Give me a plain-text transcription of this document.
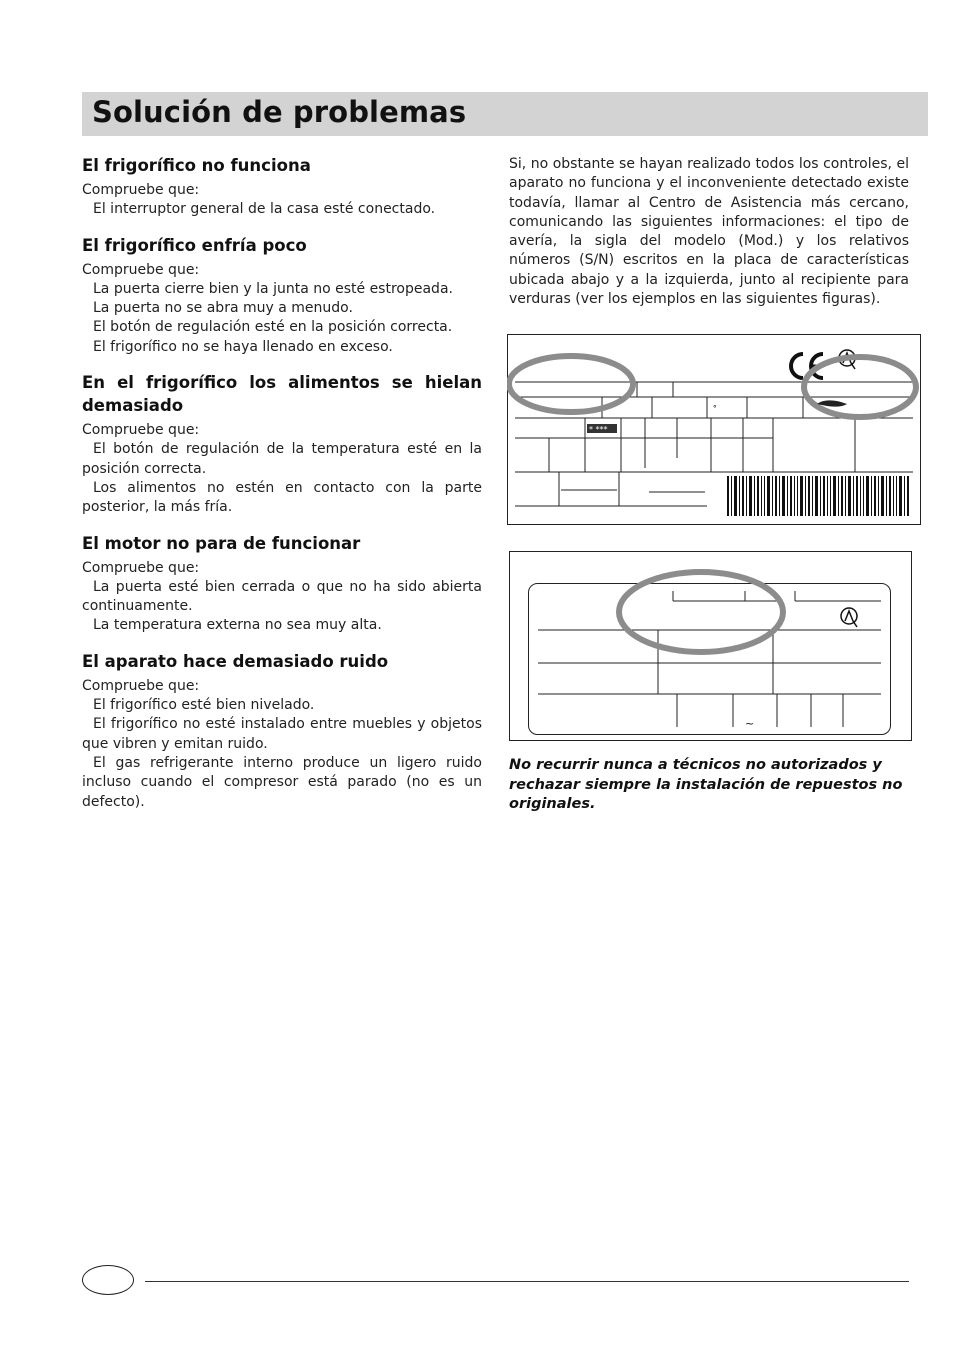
Solución de problemas
El frigorífico no funciona
Compruebe que:
El interruptor general de la casa esté conectado.
El frigorífico enfría poco
Compruebe que:
La puerta cierre bien y la junta no esté estropeada.
La puerta no se abra muy a menudo.
El botón de regulación esté en la posición correcta.
El frigorífico no se haya llenado en exceso.
En el frigorífico los alimentos se hielan demasiado
Compruebe que:
El botón de regulación de la temperatura esté en la posición correcta.
Los alimentos no estén en contacto con la parte posterior, la más fría.
El motor no para de funcionar
Compruebe que:
La puerta esté bien cerrada o que no ha sido abierta continuamente.
La temperatura externa no sea muy alta.
El aparato hace demasiado ruido
Compruebe que:
El frigorífico esté bien nivelado.
El frigorífico no esté instalado entre muebles y objetos que vibren y emitan ruido.
El gas refrigerante interno produce un ligero ruido incluso cuando el compresor está parado (no es un defecto).
Si, no obstante se hayan realizado todos los controles, el aparato no funciona y el inconveniente detectado existe todavía, llamar al Centro de Asistencia más cercano, comunicando las siguientes informaciones: el tipo de avería, la sigla del modelo (Mod.) y los relativos números (S/N) escritos en la placa de características ubicada abajo y a la izquierda, junto al recipiente para verduras (ver los ejemplos en las siguientes figuras).
* ***
ᐤ
~
No recurrir nunca a técnicos no autorizados y rechazar siempre la instalación de repuestos no originales.
